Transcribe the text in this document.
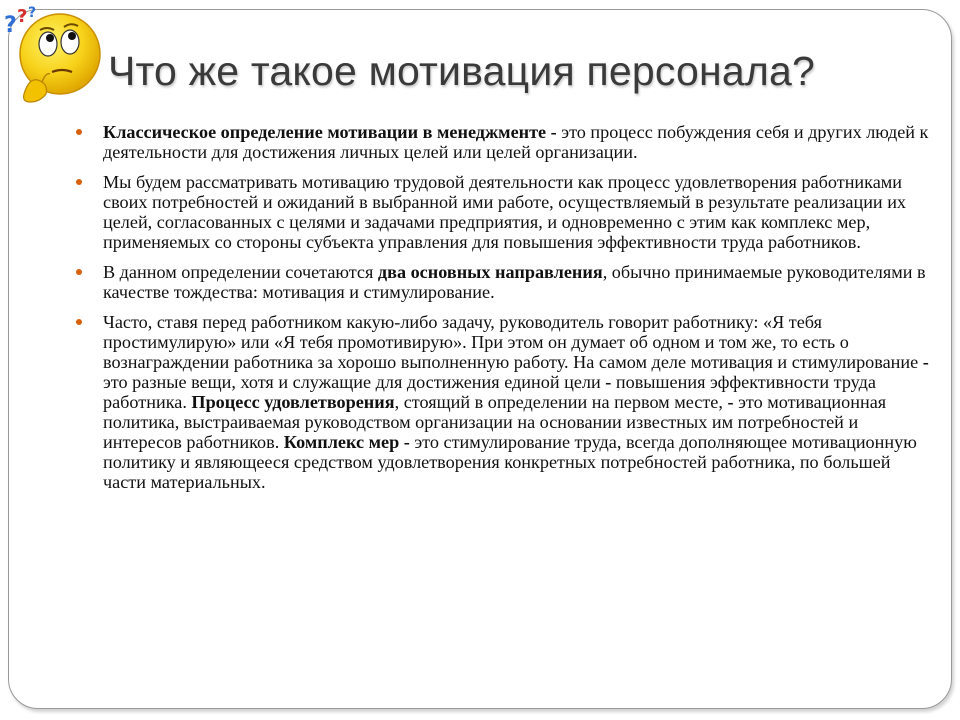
? ? ?
Что же такое мотивация персонала?
Классическое определение мотивации в менеджменте - это процесс побуждения себя и других людей к деятельности для достижения личных целей или целей организации.
Мы будем рассматривать мотивацию трудовой деятельности как процесс удовлетворения работниками своих потребностей и ожиданий в выбранной ими работе, осуществляемый в результате реализации их целей, согласованных с целями и задачами предприятия, и одновременно с этим как комплекс мер, применяемых со стороны субъекта управления для повышения эффективности труда работников.
В данном определении сочетаются два основных направления, обычно принимаемые руководителями в качестве тождества: мотивация и стимулирование.
Часто, ставя перед работником какую-либо задачу, руководитель говорит работнику: «Я тебя простимулирую» или «Я тебя промотивирую». При этом он думает об одном и том же, то есть о вознаграждении работника за хорошо выполненную работу. На самом деле мотивация и стимулирование - это разные вещи, хотя и служащие для достижения единой цели - повышения эффективности труда работника. Процесс удовлетворения, стоящий в определении на первом месте, - это мотивационная политика, выстраиваемая руководством организации на основании известных им потребностей и интересов работников. Комплекс мер - это стимулирование труда, всегда дополняющее мотивационную политику и являющееся средством удовлетворения конкретных потребностей работника, по большей части материальных.
